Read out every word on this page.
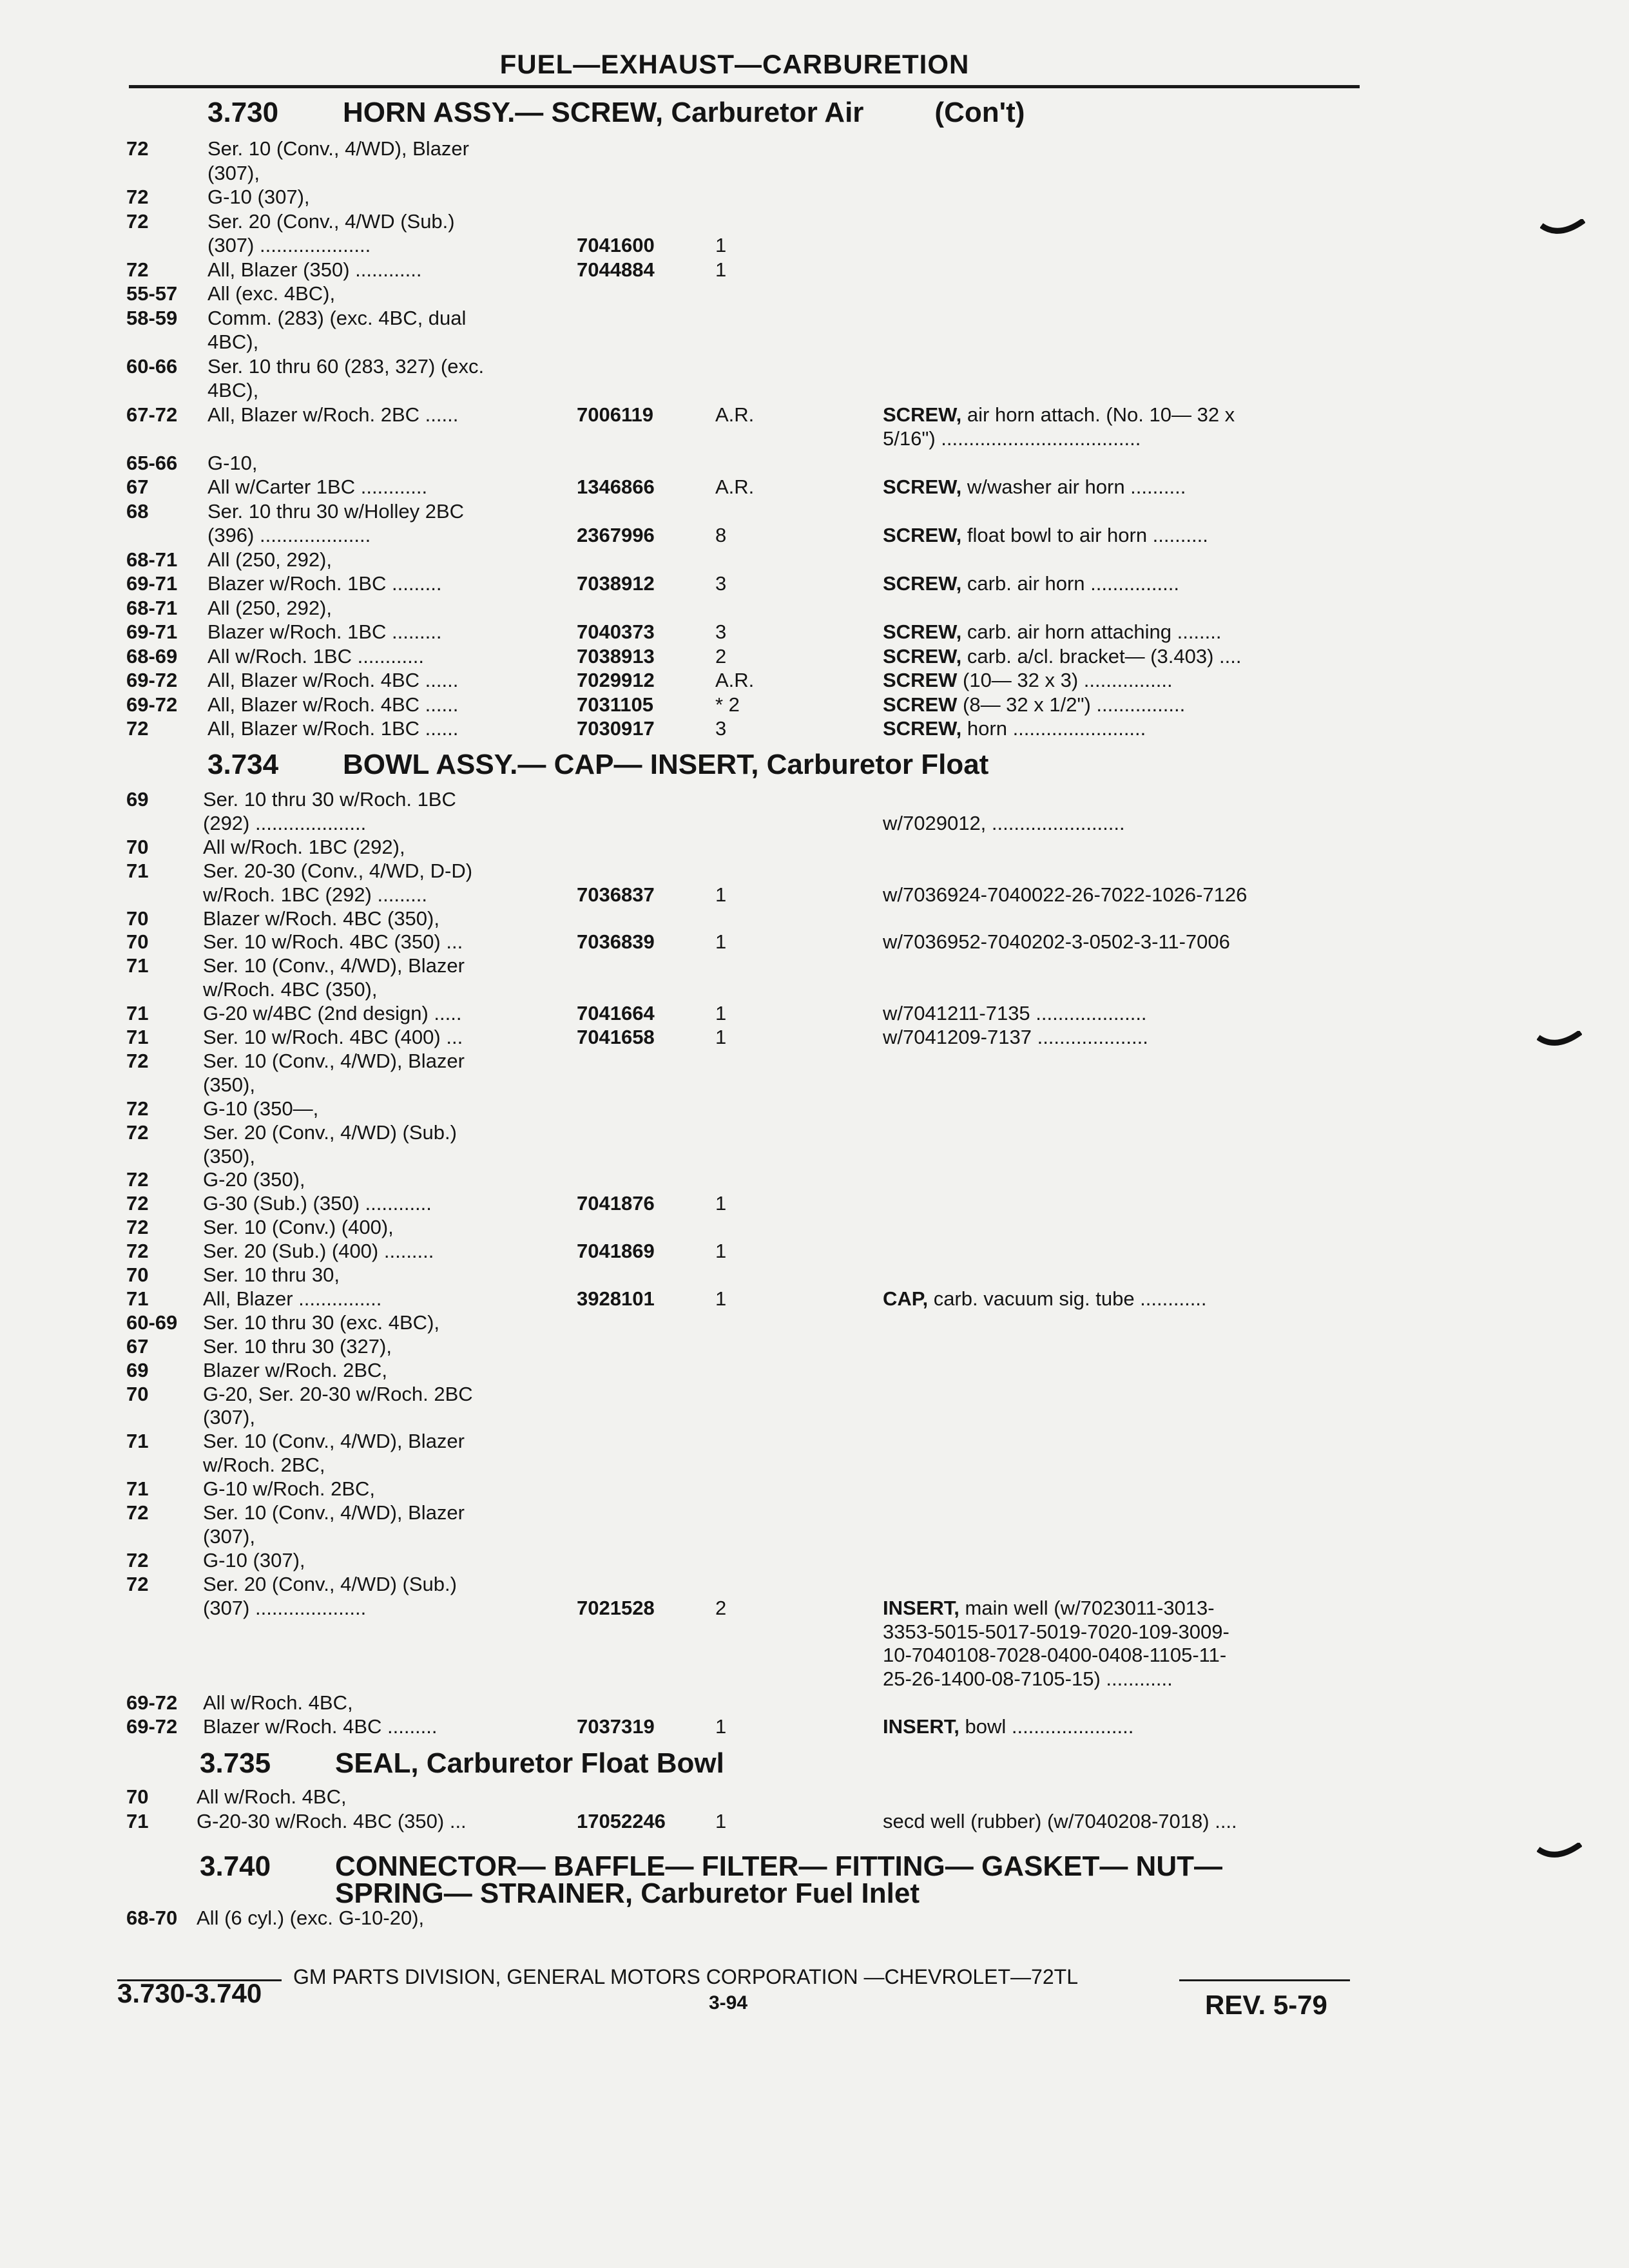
FUEL—EXHAUST—CARBURETION
3.730 HORN ASSY.— SCREW, Carburetor Air	(Con't)
72	Ser. 10 (Conv., 4/WD), Blazer
(307),
72	G-10 (307),
72	Ser. 20 (Conv., 4/WD (Sub.)
(307) ....................	7041600	1
72	All, Blazer (350) ............	7044884	1
55-57 All (exc. 4BC),
58-59 Comm. (283) (exc. 4BC, dual
4BC),
60-66 Ser. 10 thru 60 (283, 327) (exc.
4BC),
67-72 All, Blazer w/Roch. 2BC ......	7006119	A.R.	SCREW, air horn attach. (No. 10— 32 x
5/16") ....................................
65-66 G-10,
67	All w/Carter 1BC ............	1346866	A.R.	SCREW, w/washer air horn ..........
68	Ser. 10 thru 30 w/Holley 2BC
(396) ....................	2367996	8	SCREW, float bowl to air horn ..........
68-71 All (250, 292),
69-71 Blazer w/Roch. 1BC .........	7038912	3	SCREW, carb. air horn ................
68-71 All (250, 292),
69-71 Blazer w/Roch. 1BC .........	7040373	3	SCREW, carb. air horn attaching ........
68-69 All w/Roch. 1BC ............	7038913	2	SCREW, carb. a/cl. bracket— (3.403) ....
69-72 All, Blazer w/Roch. 4BC ......	7029912	A.R.	SCREW (10— 32 x 3) ................
69-72 All, Blazer w/Roch. 4BC ......	7031105	* 2	SCREW (8— 32 x 1/2") ................
72	All, Blazer w/Roch. 1BC ......	7030917	3	SCREW, horn ........................
3.734 BOWL ASSY.— CAP— INSERT, Carburetor Float
69	Ser. 10 thru 30 w/Roch. 1BC
(292) ....................	w/7029012, ........................
70	All w/Roch. 1BC (292),
71	Ser. 20-30 (Conv., 4/WD, D-D)
w/Roch. 1BC (292) .........	7036837	1	w/7036924-7040022-26-7022-1026-7126
70	Blazer w/Roch. 4BC (350),
70	Ser. 10 w/Roch. 4BC (350) ...	7036839	1	w/7036952-7040202-3-0502-3-11-7006
71	Ser. 10 (Conv., 4/WD), Blazer
w/Roch. 4BC (350),
71	G-20 w/4BC (2nd design) .....	7041664	1	w/7041211-7135 ....................
71	Ser. 10 w/Roch. 4BC (400) ...	7041658	1	w/7041209-7137 ....................
72	Ser. 10 (Conv., 4/WD), Blazer
(350),
72	G-10 (350—,
72	Ser. 20 (Conv., 4/WD) (Sub.)
(350),
72	G-20 (350),
72	G-30 (Sub.) (350) ............	7041876	1
72	Ser. 10 (Conv.) (400),
72	Ser. 20 (Sub.) (400) .........	7041869	1
70	Ser. 10 thru 30,
71	All, Blazer ...............	3928101	1	CAP, carb. vacuum sig. tube ............
60-69 Ser. 10 thru 30 (exc. 4BC),
67	Ser. 10 thru 30 (327),
69	Blazer w/Roch. 2BC,
70	G-20, Ser. 20-30 w/Roch. 2BC
(307),
71	Ser. 10 (Conv., 4/WD), Blazer
w/Roch. 2BC,
71	G-10 w/Roch. 2BC,
72	Ser. 10 (Conv., 4/WD), Blazer
(307),
72	G-10 (307),
72	Ser. 20 (Conv., 4/WD) (Sub.)
(307) ....................	7021528	2	INSERT, main well (w/7023011-3013-
3353-5015-5017-5019-7020-109-3009-
10-7040108-7028-0400-0408-1105-11-
25-26-1400-08-7105-15) ............
69-72 All w/Roch. 4BC,
69-72 Blazer w/Roch. 4BC .........	7037319	1	INSERT, bowl ......................
3.735 SEAL, Carburetor Float Bowl
70 All w/Roch. 4BC,
71 G-20-30 w/Roch. 4BC (350) ...	17052246 1	secd well (rubber) (w/7040208-7018) ....
3.740 CONNECTOR— BAFFLE— FILTER— FITTING— GASKET— NUT—
SPRING— STRAINER, Carburetor Fuel Inlet
68-70 All (6 cyl.) (exc. G-10-20),
GM PARTS DIVISION, GENERAL MOTORS CORPORATION —CHEVROLET—72TL
3.730-3.740	3-94	REV. 5-79
